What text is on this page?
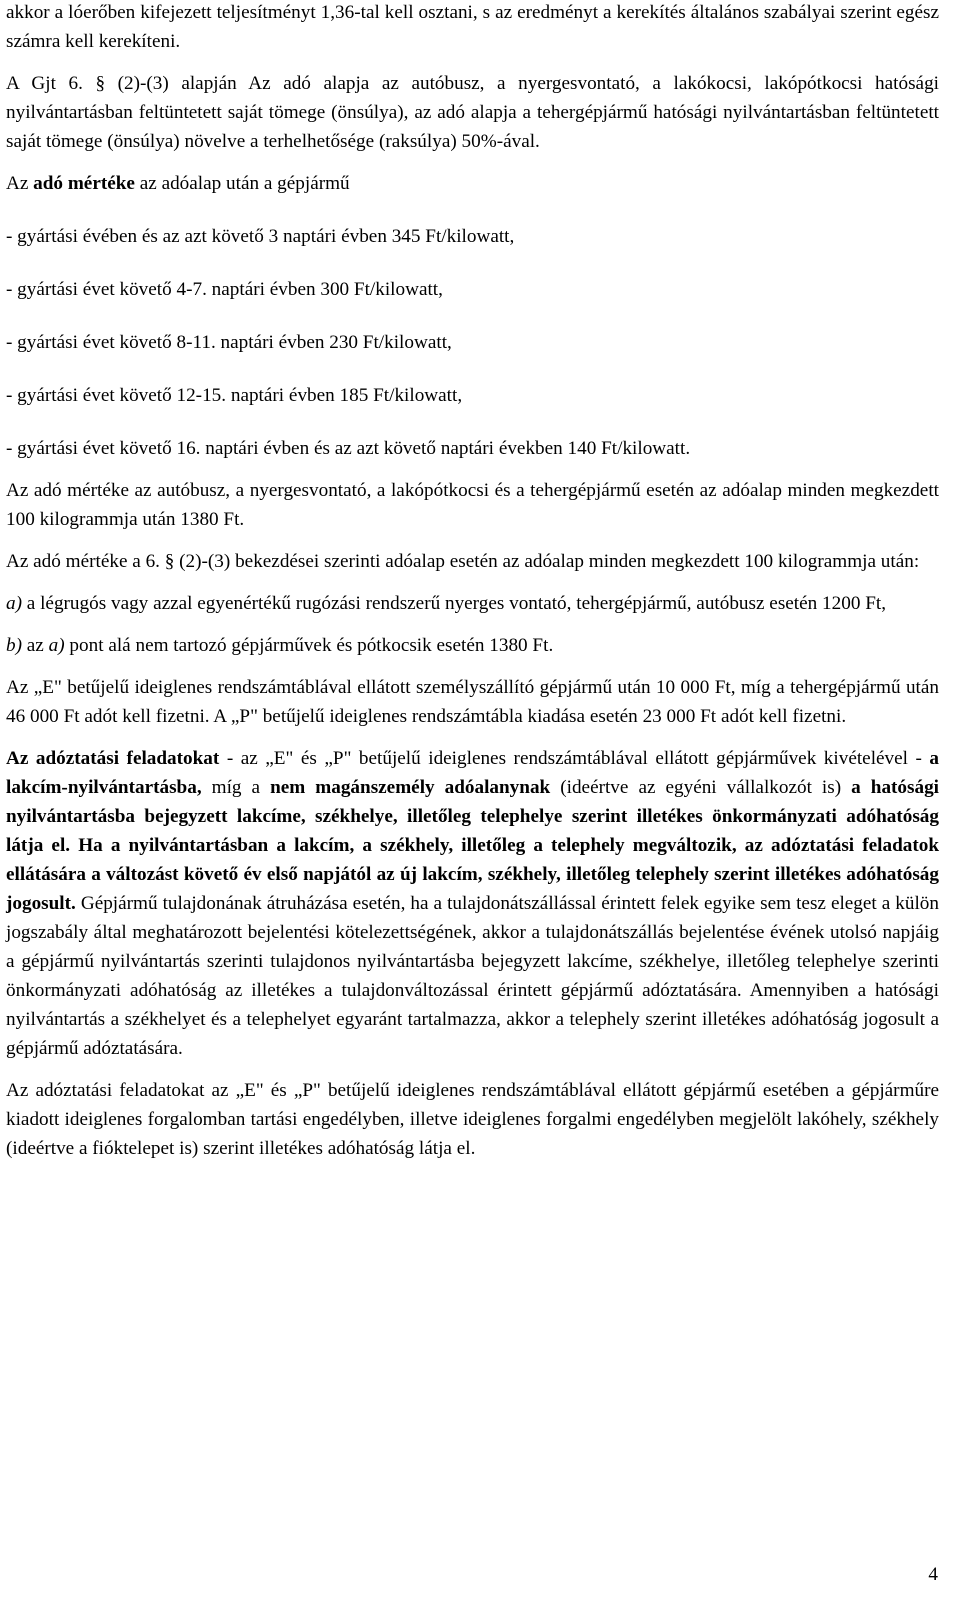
akkor a lóerőben kifejezett teljesítményt 1,36-tal kell osztani, s az eredményt a kerekítés általános szabályai szerint egész számra kell kerekíteni.

A Gjt 6. § (2)-(3) alapján Az adó alapja az autóbusz, a nyergesvontató, a lakókocsi, lakópótkocsi hatósági nyilvántartásban feltüntetett saját tömege (önsúlya), az adó alapja a tehergépjármű hatósági nyilvántartásban feltüntetett saját tömege (önsúlya) növelve a terhelhetősége (raksúlya) 50%-ával.

Az adó mértéke az adóalap után a gépjármű

- gyártási évében és az azt követő 3 naptári évben 345 Ft/kilowatt,

- gyártási évet követő 4-7. naptári évben 300 Ft/kilowatt,

- gyártási évet követő 8-11. naptári évben 230 Ft/kilowatt,

- gyártási évet követő 12-15. naptári évben 185 Ft/kilowatt,

- gyártási évet követő 16. naptári évben és az azt követő naptári években 140 Ft/kilowatt.

Az adó mértéke az autóbusz, a nyergesvontató, a lakópótkocsi és a tehergépjármű esetén az adóalap minden megkezdett 100 kilogrammja után 1380 Ft.

Az adó mértéke a 6. § (2)-(3) bekezdései szerinti adóalap esetén az adóalap minden megkezdett 100 kilogrammja után:

a) a légrugós vagy azzal egyenértékű rugózási rendszerű nyerges vontató, tehergépjármű, autóbusz esetén 1200 Ft,

b) az a) pont alá nem tartozó gépjárművek és pótkocsik esetén 1380 Ft.

Az „E" betűjelű ideiglenes rendszámtáblával ellátott személyszállító gépjármű után 10 000 Ft, míg a tehergépjármű után 46 000 Ft adót kell fizetni. A „P" betűjelű ideiglenes rendszámtábla kiadása esetén 23 000 Ft adót kell fizetni.

Az adóztatási feladatokat - az „E" és „P" betűjelű ideiglenes rendszámtáblával ellátott gépjárművek kivételével - a lakcím-nyilvántartásba, míg a nem magánszemély adóalanynak (ideértve az egyéni vállalkozót is) a hatósági nyilvántartásba bejegyzett lakcíme, székhelye, illetőleg telephelye szerint illetékes önkormányzati adóhatóság látja el. Ha a nyilvántartásban a lakcím, a székhely, illetőleg a telephely megváltozik, az adóztatási feladatok ellátására a változást követő év első napjától az új lakcím, székhely, illetőleg telephely szerint illetékes adóhatóság jogosult. Gépjármű tulajdonának átruházása esetén, ha a tulajdonátszállással érintett felek egyike sem tesz eleget a külön jogszabály által meghatározott bejelentési kötelezettségének, akkor a tulajdonátszállás bejelentése évének utolsó napjáig a gépjármű nyilvántartás szerinti tulajdonos nyilvántartásba bejegyzett lakcíme, székhelye, illetőleg telephelye szerinti önkormányzati adóhatóság az illetékes a tulajdonváltozással érintett gépjármű adóztatására. Amennyiben a hatósági nyilvántartás a székhelyet és a telephelyet egyaránt tartalmazza, akkor a telephely szerint illetékes adóhatóság jogosult a gépjármű adóztatására.

Az adóztatási feladatokat az „E" és „P" betűjelű ideiglenes rendszámtáblával ellátott gépjármű esetében a gépjárműre kiadott ideiglenes forgalomban tartási engedélyben, illetve ideiglenes forgalmi engedélyben megjelölt lakóhely, székhely (ideértve a fióktelepet is) szerint illetékes adóhatóság látja el.

4
